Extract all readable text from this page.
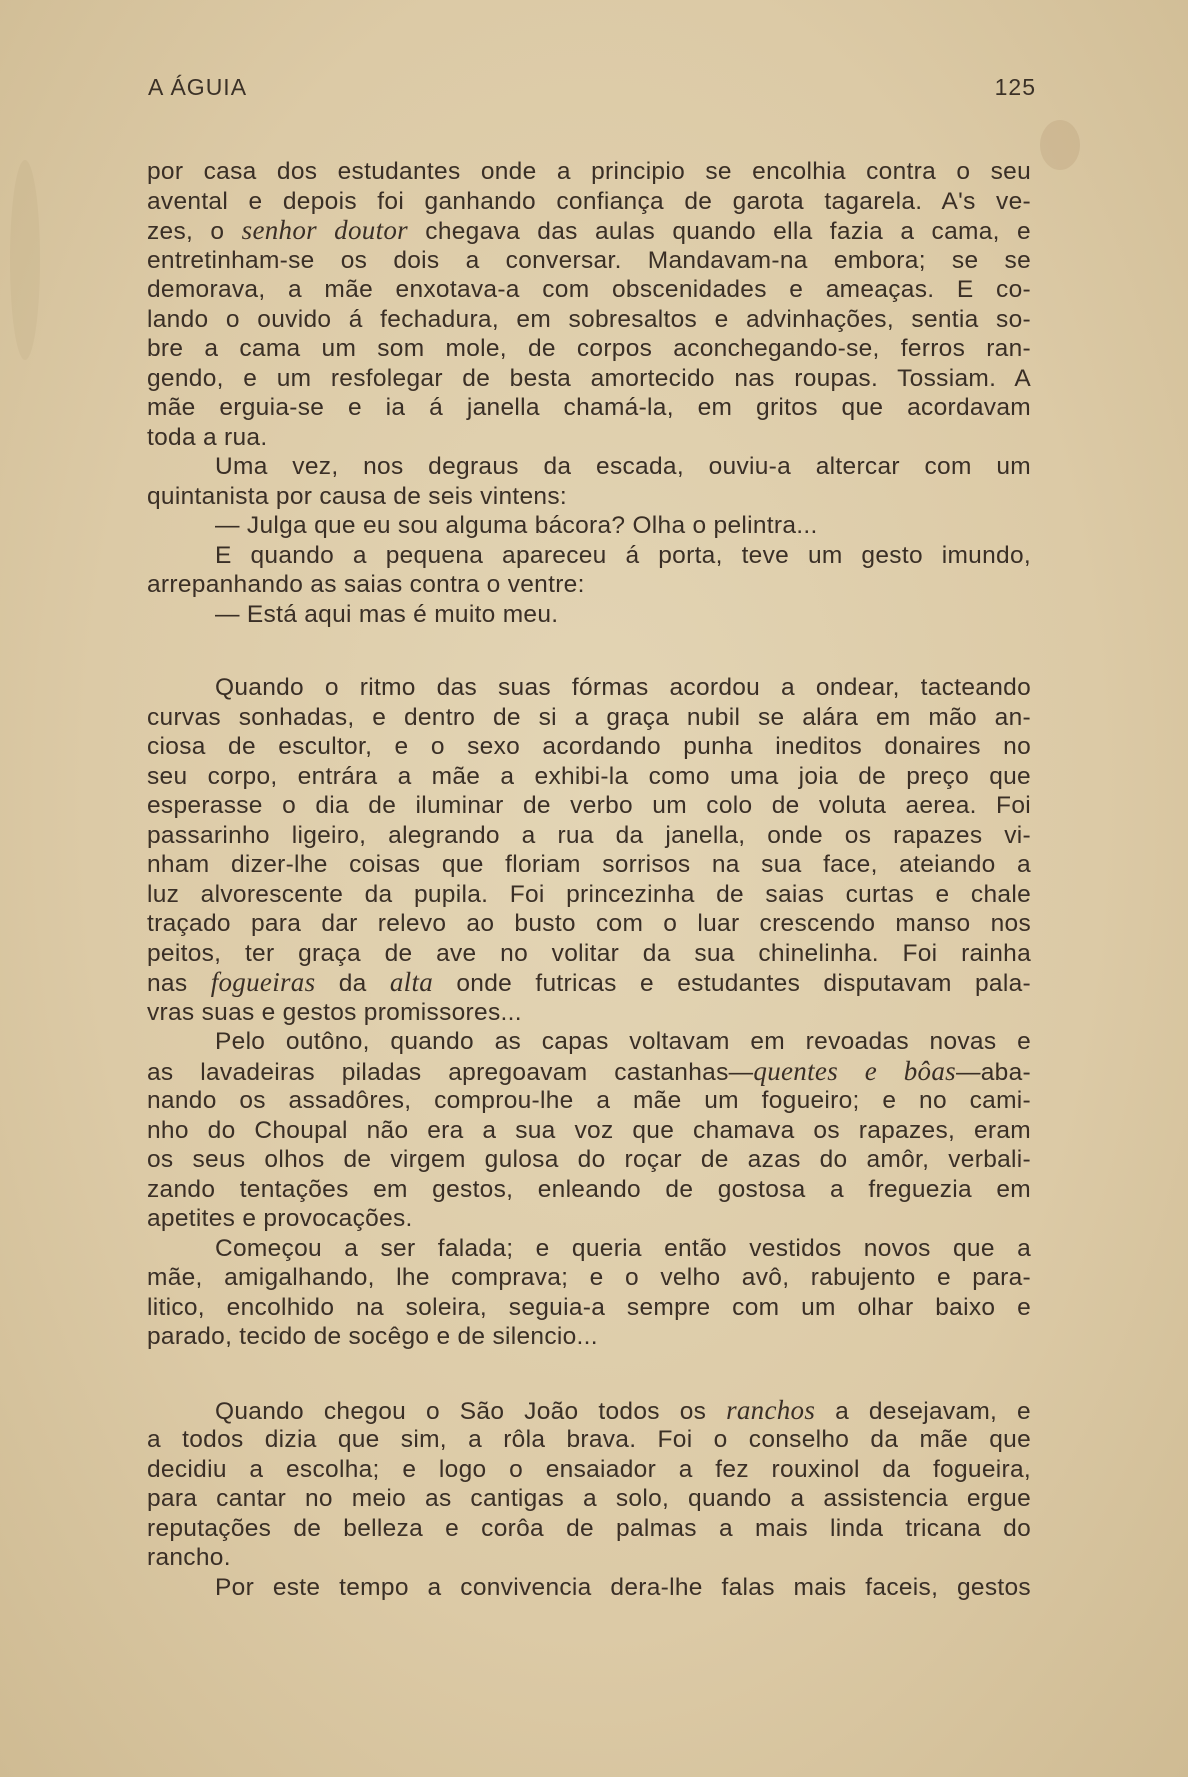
A ÁGUIA	125
por casa dos estudantes onde a principio se encolhia contra o seu
avental e depois foi ganhando confiança de garota tagarela. A's ve-
zes, o senhor doutor chegava das aulas quando ella fazia a cama, e
entretinham-se os dois a conversar. Mandavam-na embora; se se
demorava, a mãe enxotava-a com obscenidades e ameaças. E co-
lando o ouvido á fechadura, em sobresaltos e advinhações, sentia so-
bre a cama um som mole, de corpos aconchegando-se, ferros ran-
gendo, e um resfolegar de besta amortecido nas roupas. Tossiam. A
mãe erguia-se e ia á janella chamá-la, em gritos que acordavam
toda a rua.
Uma vez, nos degraus da escada, ouviu-a altercar com um
quintanista por causa de seis vintens:
— Julga que eu sou alguma bácora? Olha o pelintra...
E quando a pequena apareceu á porta, teve um gesto imundo,
arrepanhando as saias contra o ventre:
— Está aqui mas é muito meu.
Quando o ritmo das suas fórmas acordou a ondear, tacteando
curvas sonhadas, e dentro de si a graça nubil se alára em mão an-
ciosa de escultor, e o sexo acordando punha ineditos donaires no
seu corpo, entrára a mãe a exhibi-la como uma joia de preço que
esperasse o dia de iluminar de verbo um colo de voluta aerea. Foi
passarinho ligeiro, alegrando a rua da janella, onde os rapazes vi-
nham dizer-lhe coisas que floriam sorrisos na sua face, ateiando a
luz alvorescente da pupila. Foi princezinha de saias curtas e chale
traçado para dar relevo ao busto com o luar crescendo manso nos
peitos, ter graça de ave no volitar da sua chinelinha. Foi rainha
nas fogueiras da alta onde futricas e estudantes disputavam pala-
vras suas e gestos promissores...
Pelo outôno, quando as capas voltavam em revoadas novas e
as lavadeiras piladas apregoavam castanhas—quentes e bôas—aba-
nando os assadôres, comprou-lhe a mãe um fogueiro; e no cami-
nho do Choupal não era a sua voz que chamava os rapazes, eram
os seus olhos de virgem gulosa do roçar de azas do amôr, verbali-
zando tentações em gestos, enleando de gostosa a freguezia em
apetites e provocações.
Começou a ser falada; e queria então vestidos novos que a
mãe, amigalhando, lhe comprava; e o velho avô, rabujento e para-
litico, encolhido na soleira, seguia-a sempre com um olhar baixo e
parado, tecido de socêgo e de silencio...
Quando chegou o São João todos os ranchos a desejavam, e
a todos dizia que sim, a rôla brava. Foi o conselho da mãe que
decidiu a escolha; e logo o ensaiador a fez rouxinol da fogueira,
para cantar no meio as cantigas a solo, quando a assistencia ergue
reputações de belleza e corôa de palmas a mais linda tricana do
rancho.
Por este tempo a convivencia dera-lhe falas mais faceis, gestos
